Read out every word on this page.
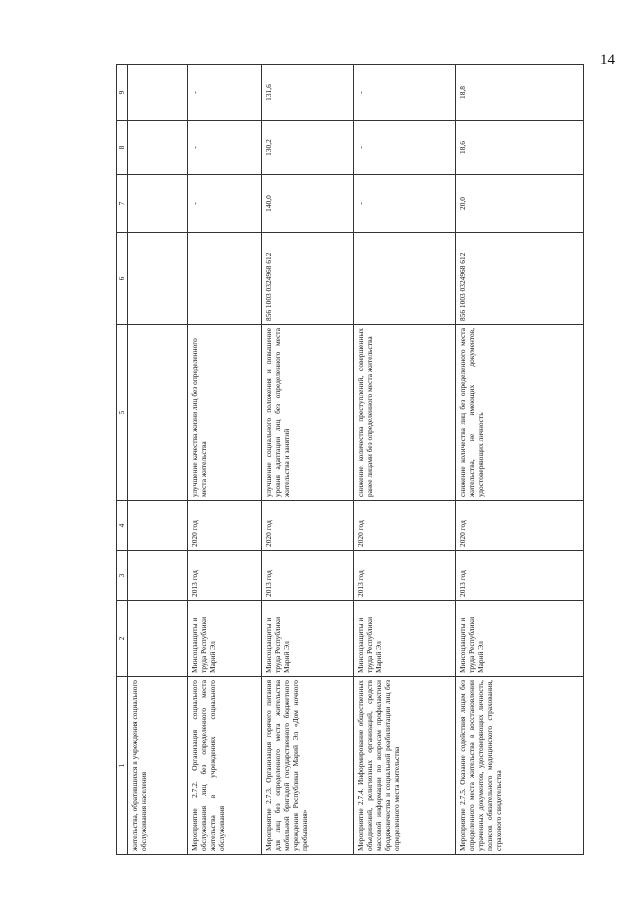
14
1	2	3	4	5	6	7	8	9
жительства, обратившихся в учреждения социального обслуживания населения								
Мероприятие 2.7.2. Организация социального обслуживания лиц без определенного места жительства в учреждениях социального обслуживания	Минсоцзащиты и труда Республики Марий Эл	2013 год	2020 год	улучшение качества жизни лиц без определенного места жительства		-	-	-
Мероприятие 2.7.3. Организация горячего питания для лиц без определенного места жительства мобильной бригадой государственного бюджетного учреждения Республики Марий Эл «Дом ночного пребывания»	Минсоцзащиты и труда Республики Марий Эл	2013 год	2020 год	улучшение социального положения и повышение уровня адаптации лиц без определенного места жительства и занятий	856 1003 0324968 612	140,0	130,2	131,6
Мероприятие 2.7.4. Информирование общественных объединений, религиозных организаций, средств массовой информации по вопросам профилактики бродяжничества и социальной реабилитации лиц без определенного места жительства	Минсоцзащиты и труда Республики Марий Эл	2013 год	2020 год	снижение количества преступлений, совершенных ранее лицами без определенного места жительства		-	-	-
Мероприятие 2.7.5. Оказание содействия лицам без определенного места жительства в восстановлении утраченных документов, удостоверяющих личность, полисов обязательного медицинского страхования, страхового свидетельства	Минсоцзащиты и труда Республики Марий Эл	2013 год	2020 год	снижение количества лиц без определенного места жительства, не имеющих документов, удостоверяющих личность	856 1003 0324968 612	20,0	18,6	18,8
